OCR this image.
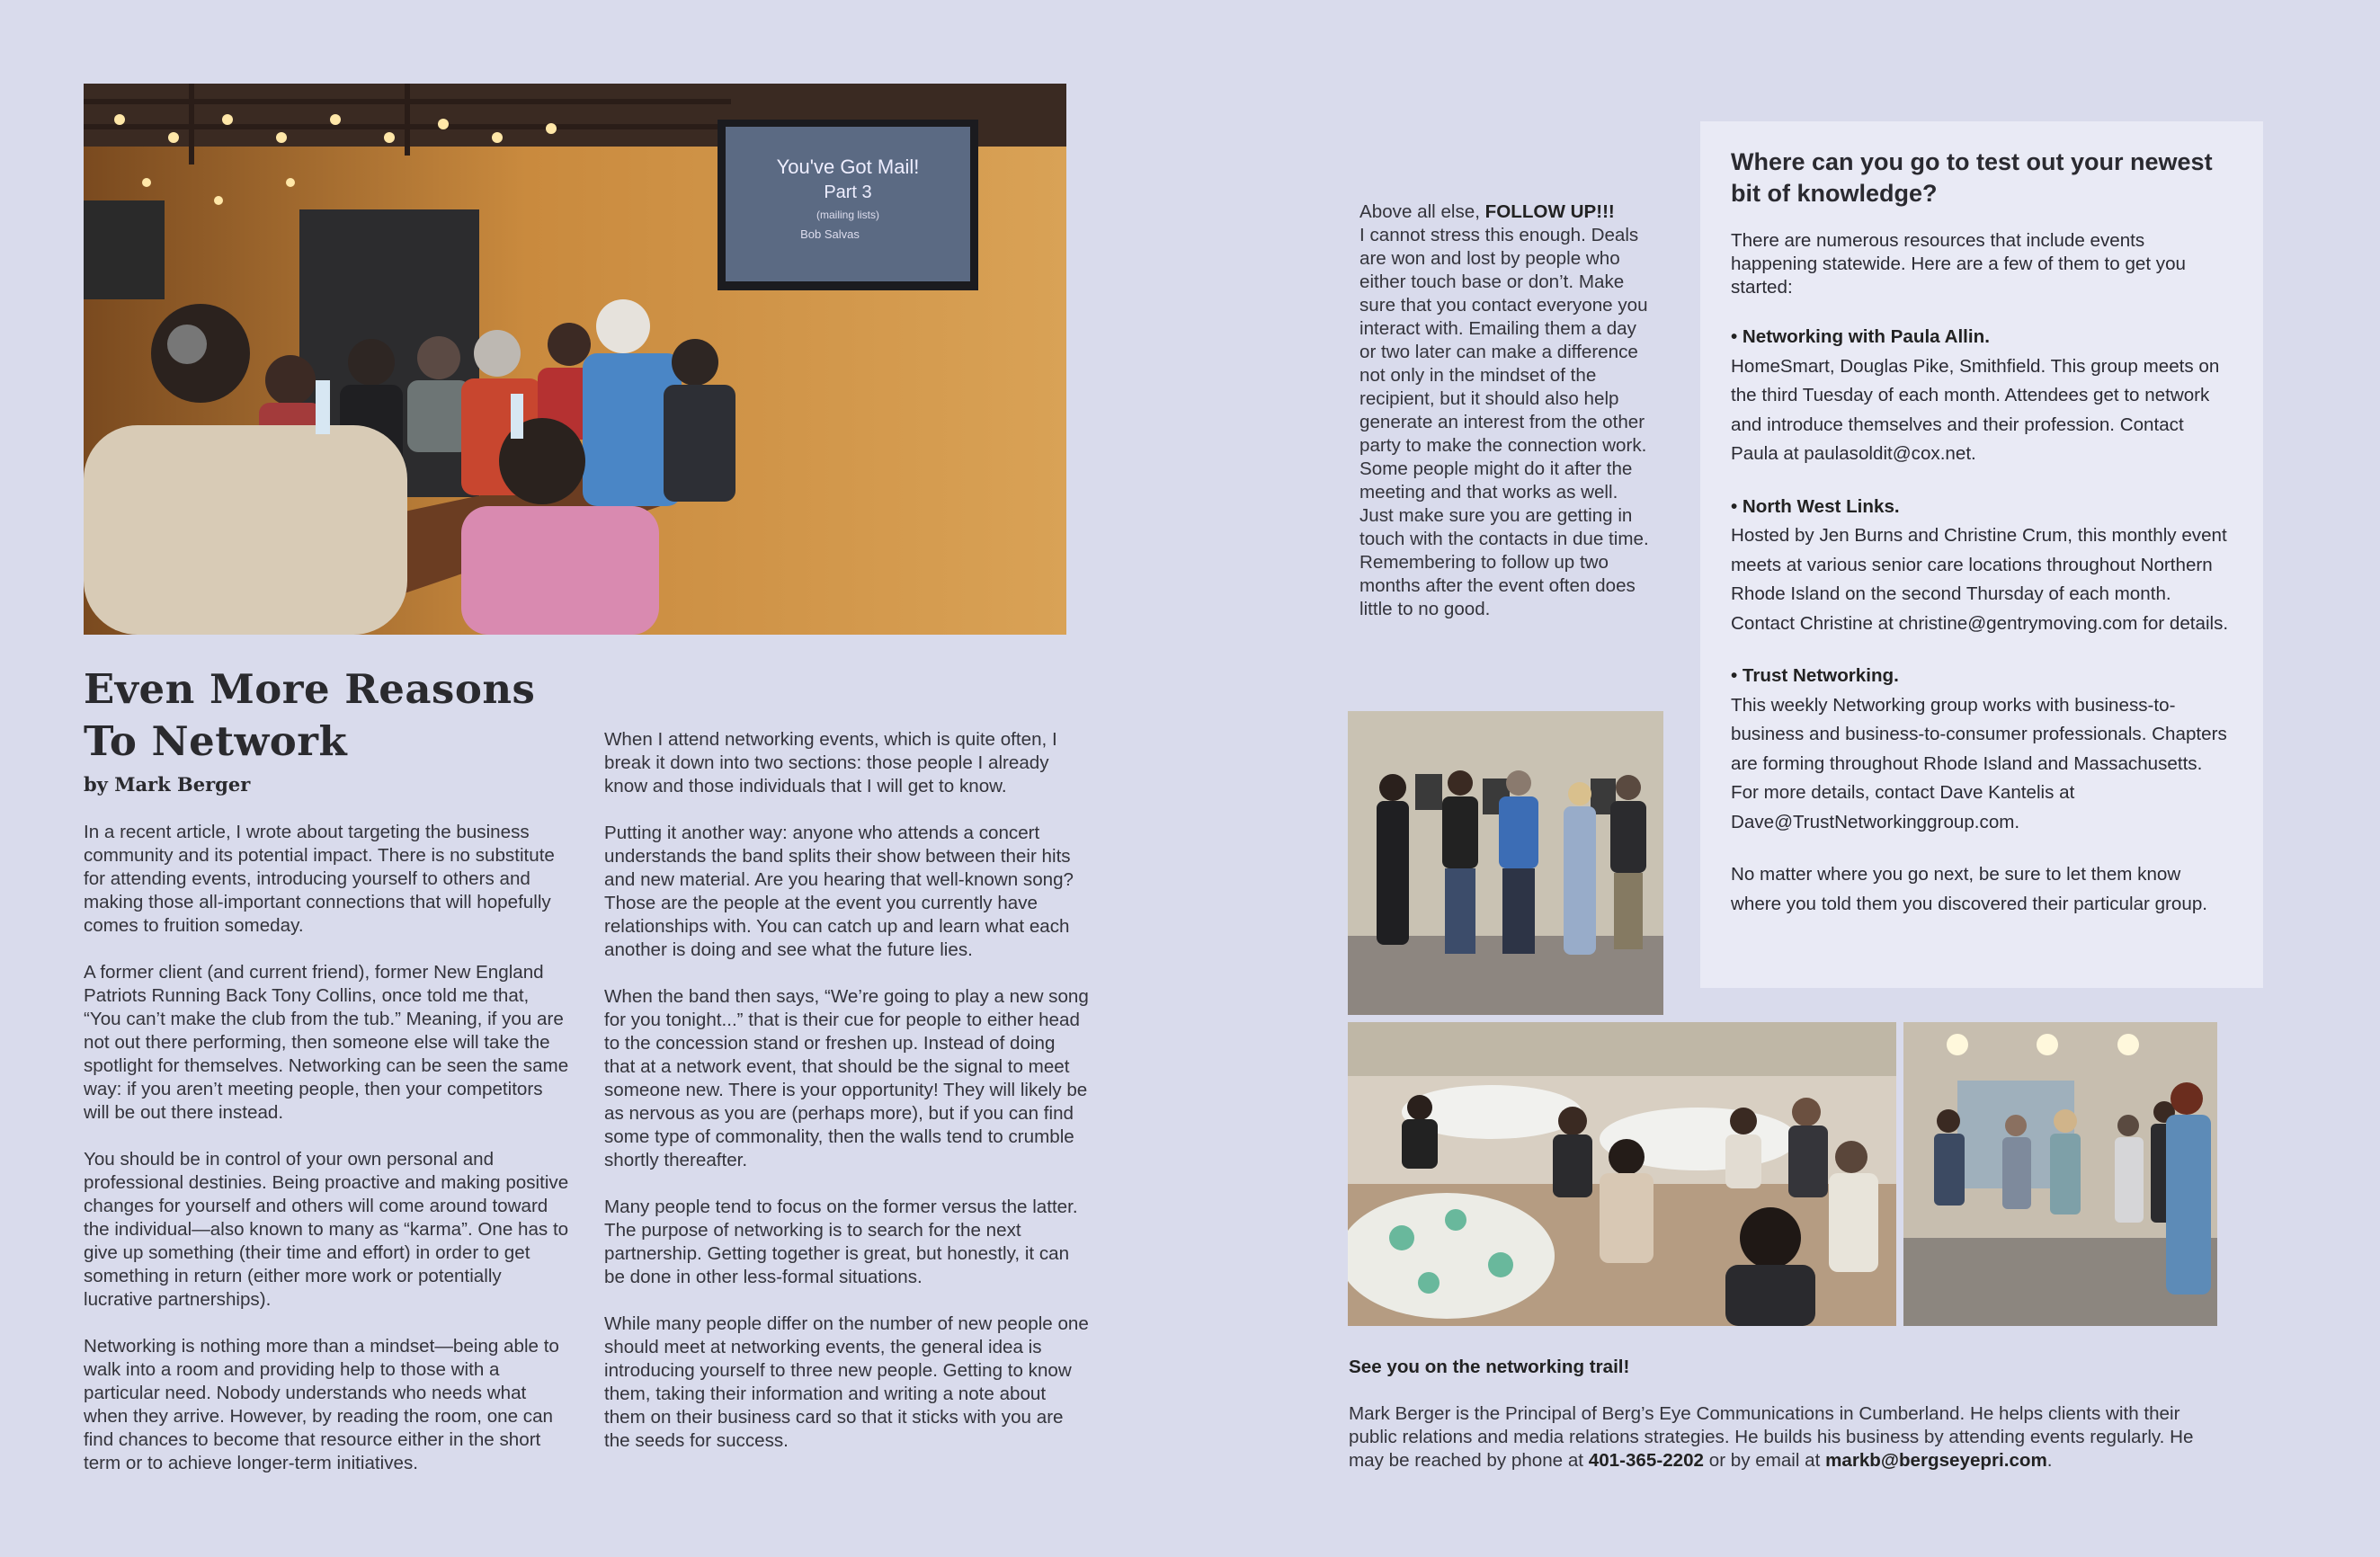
You've Got Mail!
Part 3
(mailing lists)
Bob Salvas
Even More Reasons To Network
by Mark Berger

In a recent article, I wrote about targeting the business community and its potential impact. There is no substitute for attending events, introducing yourself to others and making those all-important connections that will hopefully comes to fruition someday.

A former client (and current friend), former New England Patriots Running Back Tony Collins, once told me that, “You can’t make the club from the tub.” Meaning, if you are not out there performing, then someone else will take the spotlight for themselves. Networking can be seen the same way: if you aren’t meeting people, then your competitors will be out there instead.

You should be in control of your own personal and professional destinies. Being proactive and making positive changes for yourself and others will come around toward the individual—also known to many as “karma”. One has to give up something (their time and effort) in order to get something in return (either more work or potentially lucrative partnerships).

Networking is nothing more than a mindset—being able to walk into a room and providing help to those with a particular need. Nobody understands who needs what when they arrive. However, by reading the room, one can find chances to become that resource either in the short term or to achieve longer-term initiatives.

When I attend networking events, which is quite often, I break it down into two sections: those people I already know and those individuals that I will get to know.

Putting it another way: anyone who attends a concert understands the band splits their show between their hits and new material. Are you hearing that well-known song? Those are the people at the event you currently have relationships with. You can catch up and learn what each another is doing and see what the future lies.

When the band then says, “We’re going to play a new song for you tonight...” that is their cue for people to either head to the concession stand or freshen up. Instead of doing that at a network event, that should be the signal to meet someone new. There is your opportunity! They will likely be as nervous as you are (perhaps more), but if you can find some type of commonality, then the walls tend to crumble shortly thereafter.

Many people tend to focus on the former versus the latter. The purpose of networking is to search for the next partnership. Getting together is great, but honestly, it can be done in other less-formal situations.

While many people differ on the number of new people one should meet at networking events, the general idea is introducing yourself to three new people. Getting to know them, taking their information and writing a note about them on their business card so that it sticks with you are the seeds for success.

Above all else, FOLLOW UP!!!
I cannot stress this enough. Deals are won and lost by people who either touch base or don’t. Make sure that you contact everyone you interact with. Emailing them a day or two later can make a difference not only in the mindset of the recipient, but it should also help generate an interest from the other party to make the connection work. Some people might do it after the meeting and that works as well. Just make sure you are getting in touch with the contacts in due time. Remembering to follow up two months after the event often does little to no good.

Where can you go to test out your newest bit of knowledge?

There are numerous resources that include events happening statewide. Here are a few of them to get you started:

• Networking with Paula Allin.
HomeSmart, Douglas Pike, Smithfield. This group meets on the third Tuesday of each month. Attendees get to network and introduce themselves and their profession. Contact Paula at paulasoldit@cox.net.
• North West Links.
Hosted by Jen Burns and Christine Crum, this monthly event meets at various senior care locations throughout Northern Rhode Island on the second Thursday of each month. Contact Christine at christine@gentrymoving.com for details.
• Trust Networking.
This weekly Networking group works with business-to-business and business-to-consumer professionals. Chapters are forming throughout Rhode Island and Massachusetts. For more details, contact Dave Kantelis at Dave@TrustNetworkinggroup.com.

No matter where you go next, be sure to let them know where you told them you discovered their particular group.

See you on the networking trail!

Mark Berger is the Principal of Berg’s Eye Communications in Cumberland. He helps clients with their public relations and media relations strategies. He builds his business by attending events regularly. He may be reached by phone at 401-365-2202 or by email at markb@bergseyepri.com.
